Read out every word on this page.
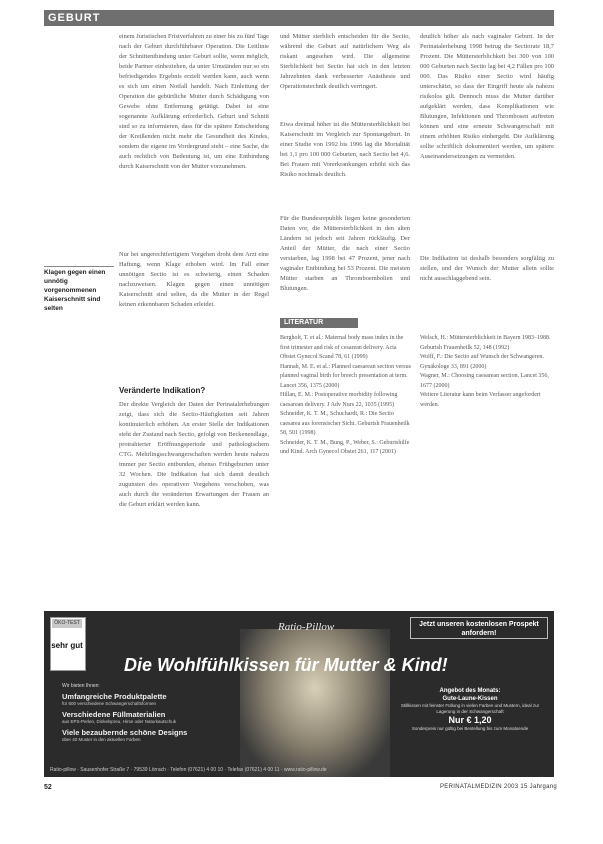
GEBURT
Klagen gegen einen unnötig vorgenommenen Kaiserschnitt sind selten

einem Juristischen Fristverfahren zu einer bis zu fünf Tage nach der Geburt durchführbarer Operation. Die Leitlinie der Schnittentbindung unter Geburt sollte, wenn möglich, beide Partner einbeziehen, da unter Umständen nur so ein befriedigendes Ergebnis erzielt werden kann, auch wenn es sich um einen Notfall handelt. Nach Einleitung der Operation die gebürtliche Mutter durch Schädigung von Gewebe ohne Entfernung getätigt. Dabei ist eine sogenannte Aufklärung erforderlich. Geburt und Schnitt sind so zu informieren, dass für die spätere Entscheidung der Kreißenden nicht mehr die Gesundheit des Kindes, sondern die eigene im Vordergrund steht – eine Sache, die auch rechtlich von Bedeutung ist, um eine Entbindung durch Kaiserschnitt von der Mutter vorzunehmen.

Nur bei ungerechtfertigtem Vorgehen droht dem Arzt eine Haftung, wenn Klage erhoben wird. Im Fall einer unnötigen Sectio ist es schwierig, einen Schaden nachzuweisen. Klagen gegen einen unnötigen Kaiserschnitt sind selten, da die Mutter in der Regel keinen erkennbaren Schaden erleidet.

Veränderte Indikation?

Der direkte Vergleich der Daten der Perinatalerhebungen zeigt, dass sich die Sectio-Häufigkeiten seit Jahren kontinuierlich erhöhen. An erster Stelle der Indikationen steht der Zustand nach Sectio, gefolgt von Beckenendlage, protrahierter Eröffnungsperiode und pathologischem CTG. Mehrlingsschwangerschaften werden heute nahezu immer per Sectio entbunden, ebenso Frühgeburten unter 32 Wochen. Die Indikation hat sich damit deutlich zugunsten des operativen Vorgehens verschoben, was auch durch die veränderten Erwartungen der Frauen an die Geburt erklärt werden kann.

und Mütter sterblich entscheiden für die Sectio, während die Geburt auf natürlichem Weg als riskant angesehen wird. Die allgemeine Sterblichkeit bei Sectio hat sich in den letzten Jahrzehnten dank verbesserter Anästhesie und Operationstechnik deutlich verringert.

Etwa dreimal höher ist die Müttersterblichkeit bei Kaiserschnitt im Vergleich zur Spontangeburt. In einer Studie von 1992 bis 1996 lag die Mortalität bei 1,1 pro 100 000 Geburten, nach Sectio bei 4,6. Bei Frauen mit Vorerkrankungen erhöht sich das Risiko nochmals deutlich.

Für die Bundesrepublik liegen keine gesonderten Daten vor, die Müttersterblichkeit in den alten Ländern ist jedoch seit Jahren rückläufig. Der Anteil der Mütter, die nach einer Sectio verstarben, lag 1998 bei 47 Prozent, jener nach vaginaler Entbindung bei 53 Prozent. Die meisten Mütter starben an Thromboembolien und Blutungen.

deutlich höher als nach vaginaler Geburt. In der Perinatalerhebung 1998 betrug die Sectiorate 18,7 Prozent. Die Müttersterblichkeit bei 300 von 100 000 Geburten nach Sectio lag bei 4,2 Fällen pro 100 000. Das Risiko einer Sectio wird häufig unterschätzt, so dass der Eingriff heute als nahezu risikolos gilt. Dennoch muss die Mutter darüber aufgeklärt werden, dass Komplikationen wie Blutungen, Infektionen und Thrombosen auftreten können und eine erneute Schwangerschaft mit einem erhöhten Risiko einhergeht. Die Aufklärung sollte schriftlich dokumentiert werden, um spätere Auseinandersetzungen zu vermeiden.

Die Indikation ist deshalb besonders sorgfältig zu stellen, und der Wunsch der Mutter allein sollte nicht ausschlaggebend sein.

LITERATUR

Bergholt, T. et al.: Maternal body mass index in the first trimester and risk of cesarean delivery. Acta Obstet Gynecol Scand 78, 61 (1999)

Hannah, M. E. et al.: Planned caesarean section versus planned vaginal birth for breech presentation at term. Lancet 356, 1375 (2000)

Hillan, E. M.: Postoperative morbidity following caesarean delivery. J Adv Nurs 22, 1035 (1995)

Schneider, K. T. M., Schuchardt, R.: Die Sectio caesarea aus forensischer Sicht. Geburtsh Frauenheilk 58, 501 (1998)

Schneider, K. T. M., Bung, P., Weber, S.: Geburtshilfe und Kind. Arch Gynecol Obstet 261, 117 (2001)

Welsch, H.: Müttersterblichkeit in Bayern 1983–1988. Geburtsh Frauenheilk 52, 148 (1992)

Wolff, F.: Die Sectio auf Wunsch der Schwangeren. Gynäkologe 33, 891 (2000)

Wagner, M.: Choosing caesarean section. Lancet 356, 1677 (2000)

Weitere Literatur kann beim Verfasser angefordert werden.

ÖKO-TEST
sehr gut
Ratio-Pillow	Jetzt unseren kostenlosen Prospekt anfordern!
Die Wohlfühlkissen für Mutter & Kind!
Wir bieten Ihnen:
Umfangreiche Produktpalette
für 500 verschiedene Schwangerschaftsformen
Verschiedene Füllmaterialien
aus EPS-Perlen, Dinkelspreu, Hirse oder Naturkautschuk
Viele bezaubernde schöne Designs
über 40 Muster in den aktuellen Farben
Angebot des Monats:
Gute-Laune-Kissen
Stillkissen mit feinster Füllung in vielen Farben und Mustern, ideal zur Lagerung in der Schwangerschaft
Nur € 1,20
Sonderpreis nur gültig bei Bestellung bis zum Monatsende
Ratio-pillow · Sausenhofer Straße 7 · 79539 Lörrach · Telefon (07621) 4 00 10 · Telefax (07621) 4 00 11 · www.ratio-pillow.de
52	PERINATALMEDIZIN 2003 15 Jahrgang
